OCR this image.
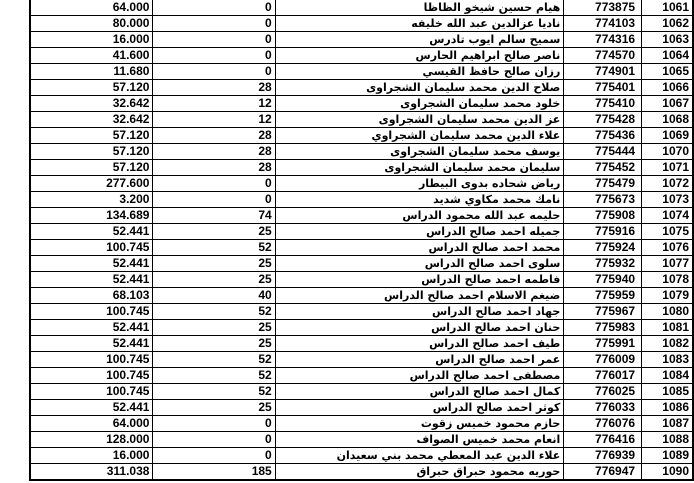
64.000	0	هيام حسين شيخو الظاظا	773875	1061
80.000	0	ناديا عزالدين عبد الله خليفه	774103	1062
16.000	0	سميح سالم ايوب تادرس	774316	1063
41.600	0	ناصر صالح ابراهيم الحارس	774570	1064
11.680	0	رزان صالح حافظ القيسي	774901	1065
57.120	28	صلاح الدين محمد سليمان الشجراوى	775401	1066
32.642	12	خلود محمد سليمان الشجراوى	775410	1067
32.642	12	عز الدين محمد سليمان الشجراوى	775428	1068
57.120	28	علاء الدين محمد سليمان الشجراوي	775436	1069
57.120	28	يوسف محمد سليمان الشجراوى	775444	1070
57.120	28	سليمان محمد سليمان الشجراوى	775452	1071
277.600	0	رياض شحاده بدوى البيطار	775479	1072
3.200	0	نامك محمد مكاوي شديد	775673	1073
134.689	74	حليمه عبد الله محمود الدراس	775908	1074
52.441	25	جميله احمد صالح الدراس	775916	1075
100.745	52	محمد احمد صالح الدراس	775924	1076
52.441	25	سلوى احمد صالح الدراس	775932	1077
52.441	25	فاطمه احمد صالح الدراس	775940	1078
68.103	40	ضيغم الاسلام احمد صالح الدراس	775959	1079
100.745	52	جهاد احمد صالح الدراس	775967	1080
52.441	25	حنان احمد صالح الدراس	775983	1081
52.441	25	طيف احمد صالح الدراس	775991	1082
100.745	52	عمر احمد صالح الدراس	776009	1083
100.745	52	مصطفى احمد صالح الدراس	776017	1084
100.745	52	كمال احمد صالح الدراس	776025	1085
52.441	25	كوثر احمد صالح الدراس	776033	1086
64.000	0	حازم محمود خميس زقوت	776076	1087
128.000	0	انعام محمد خميس الصواف	776416	1088
16.000	0	علاء الدين عبد المعطي محمد بني سعيدان	776939	1089
311.038	185	حوريه محمود حبراق حبراق	776947	1090
